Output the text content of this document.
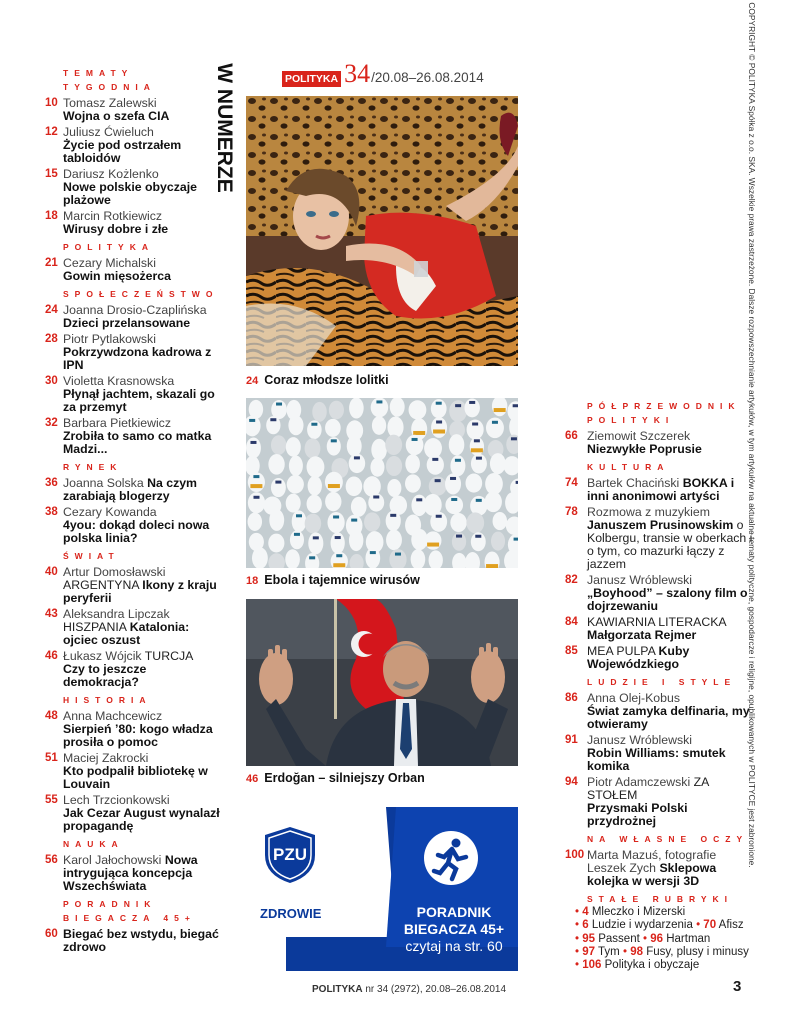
TEMATY TYGODNIA
10 Tomasz Zalewski
Wojna o szefa CIA
12 Juliusz Ćwieluch
Życie pod ostrzałem tabloidów
15 Dariusz Kożlenko
Nowe polskie obyczaje plażowe
18 Marcin Rotkiewicz
Wirusy dobre i złe
POLITYKA
21 Cezary Michalski
Gowin mięsożerca
SPOŁECZEŃSTWO
24 Joanna Drosio-Czaplińska
Dzieci przelansowane
28 Piotr Pytlakowski
Pokrzywdzona kadrowa z IPN
30 Violetta Krasnowska
Płynął jachtem, skazali go za przemyt
32 Barbara Pietkiewicz
Zrobiła to samo co matka Madzi...
RYNEK
36 Joanna Solska Na czym zarabiają blogerzy
38 Cezary Kowanda
4you: dokąd doleci nowa polska linia?
ŚWIAT
40 Artur Domosławski
ARGENTYNA Ikony z kraju peryferii
43 Aleksandra Lipczak
HISZPANIA Katalonia: ojciec oszust
46 Łukasz Wójcik TURCJA
Czy to jeszcze demokracja?
HISTORIA
48 Anna Machcewicz
Sierpień ’80: kogo władza prosiła o pomoc
51 Maciej Zakrocki
Kto podpalił bibliotekę w Louvain
55 Lech Trzcionkowski
Jak Cezar August wynalazł propagandę
NAUKA
56 Karol Jałochowski Nowa intrygująca koncepcja Wszechświata
PORADNIK BIEGACZA 45+
60 Biegać bez wstydu, biegać zdrowo
W NUMERZE	POLITYKA 34 /20.08–26.08.2014
24 Coraz młodsze lolitki
18 Ebola i tajemnice wirusów
46 Erdoğan – silniejszy Orban
PZU
ZDROWIE	PORADNIK
BIEGACZA 45+
czytaj na str. 60
PÓŁPRZEWODNIK POLITYKI
66 Ziemowit Szczerek
Niezwykłe Poprusie
KULTURA
74 Bartek Chaciński BOKKA i inni anonimowi artyści
78 Rozmowa z muzykiem
Januszem Prusinowskim o Kolbergu, transie w oberkach i o tym, co mazurki łączy z jazzem
82 Janusz Wróblewski
„Boyhood” – szalony film o dojrzewaniu
84 KAWIARNIA LITERACKA Małgorzata Rejmer
85 MEA PULPA Kuby Wojewódzkiego
LUDZIE I STYLE
86 Anna Olej-Kobus
Świat zamyka delfinaria, my otwieramy
91 Janusz Wróblewski
Robin Williams: smutek komika
94 Piotr Adamczewski ZA STOŁEM
Przysmaki Polski przydrożnej
NA WŁASNE OCZY
100 Marta Mazuś, fotografie Leszek Zych Sklepowa kolejka w wersji 3D
STAŁE RUBRYKI
• 4 Mleczko i Mizerski
• 6 Ludzie i wydarzenia • 70 Afisz
• 95 Passent • 96 Hartman
• 97 Tym • 98 Fusy, plusy i minusy
• 106 Polityka i obyczaje
COPYRIGHT © POLITYKA Spółka z o.o. SKA. Wszelkie prawa zastrzeżone. Dalsze rozpowszechnianie artykułów, w tym artykułów na aktualne tematy polityczne, gospodarcze i religijne, opublikowanych w POLITYCE jest zabronione.
POLITYKA nr 34 (2972), 20.08–26.08.2014	3
